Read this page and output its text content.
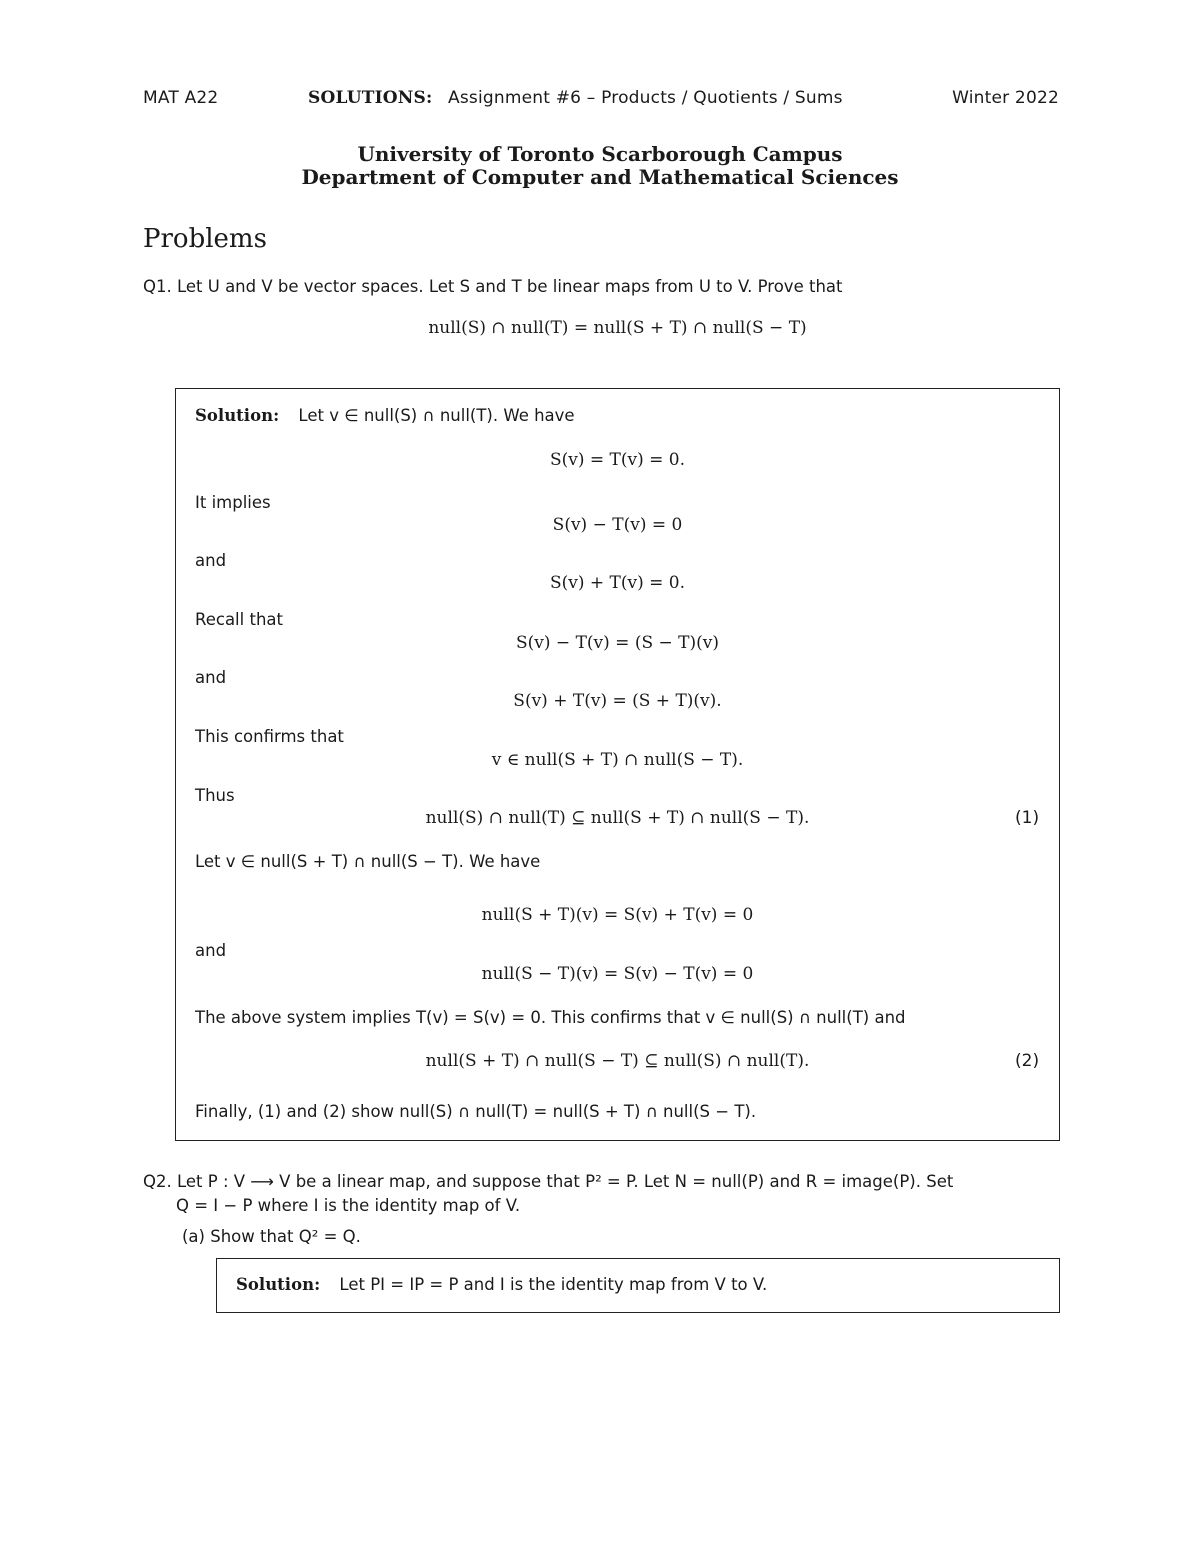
MAT A22	SOLUTIONS: Assignment #6 – Products / Quotients / Sums	Winter 2022
University of Toronto Scarborough Campus
Department of Computer and Mathematical Sciences
Problems
Q1. Let U and V be vector spaces. Let S and T be linear maps from U to V. Prove that
null(S) ∩ null(T) = null(S + T) ∩ null(S − T)
Solution: Let v ∈ null(S) ∩ null(T). We have
S(v) = T(v) = 0.
It implies
S(v) − T(v) = 0
and
S(v) + T(v) = 0.
Recall that
S(v) − T(v) = (S − T)(v)
and
S(v) + T(v) = (S + T)(v).
This confirms that
v ∈ null(S + T) ∩ null(S − T).
Thus
null(S) ∩ null(T) ⊆ null(S + T) ∩ null(S − T).	(1)
Let v ∈ null(S + T) ∩ null(S − T). We have
null(S + T)(v) = S(v) + T(v) = 0
and
null(S − T)(v) = S(v) − T(v) = 0
The above system implies T(v) = S(v) = 0. This confirms that v ∈ null(S) ∩ null(T) and
null(S + T) ∩ null(S − T) ⊆ null(S) ∩ null(T).	(2)
Finally, (1) and (2) show null(S) ∩ null(T) = null(S + T) ∩ null(S − T).
Q2. Let P : V ⟶ V be a linear map, and suppose that P² = P. Let N = null(P) and R = image(P). Set
Q = I − P where I is the identity map of V.
(a) Show that Q² = Q.
Solution: Let PI = IP = P and I is the identity map from V to V.
